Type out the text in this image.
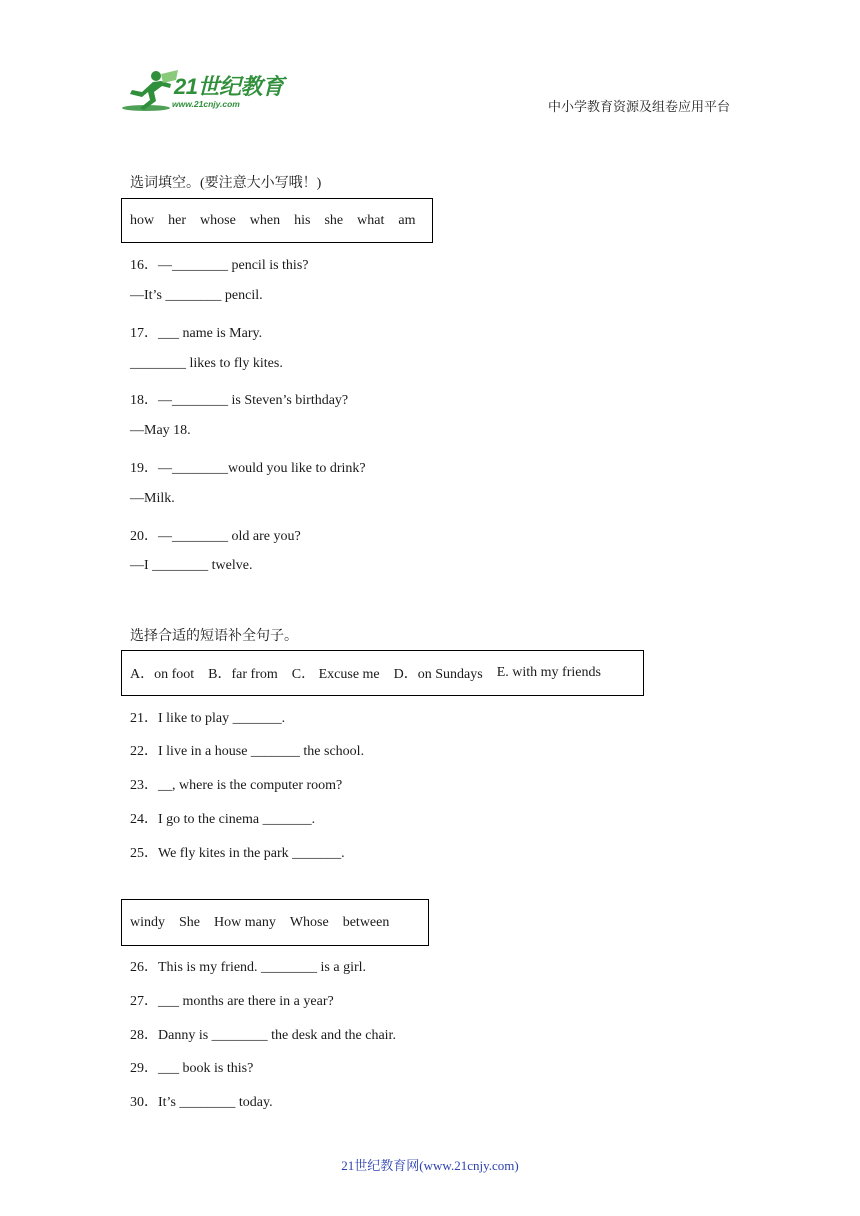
21世纪教育
www.21cnjy.com	中小学教育资源及组卷应用平台
选词填空。(要注意大小写哦！)
how her whose when his she what am
16．—________ pencil is this?
—It’s ________ pencil.
17．___ name is Mary.
________ likes to fly kites.
18．—________ is Steven’s birthday?
—May 18.
19．—________would you like to drink?
—Milk.
20．—________ old are you?
—I ________ twelve.
选择合适的短语补全句子。
A．on foot B．far from C． Excuse me D．on Sundays E. with my friends
21．I like to play _______.
22．I live in a house _______ the school.
23．__, where is the computer room?
24．I go to the cinema _______.
25．We fly kites in the park _______.
windy She How many Whose between
26．This is my friend. ________ is a girl.
27．___ months are there in a year?
28．Danny is ________ the desk and the chair.
29．___ book is this?
30．It’s ________ today.
21世纪教育网(www.21cnjy.com)
